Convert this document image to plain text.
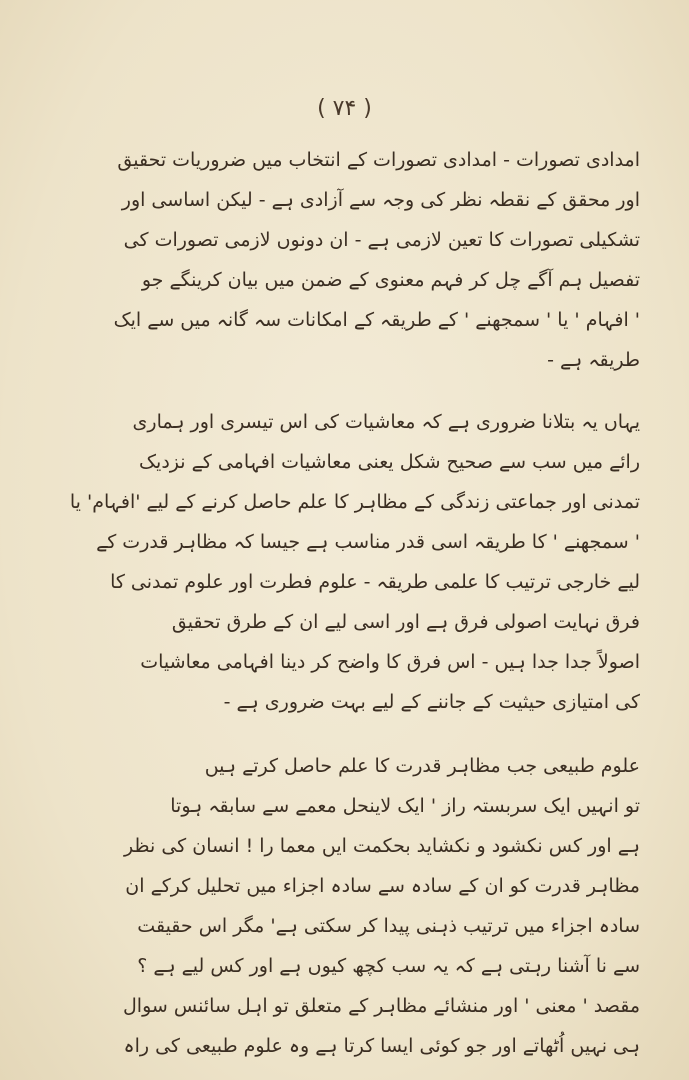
( ۷۴ )
امدادی تصورات - امدادی تصورات کے انتخاب میں ضروریات تحقیق
اور محقق کے نقطہ نظر کی وجہ سے آزادی ہے - لیکن اساسی اور
تشکیلی تصورات کا تعین لازمی ہے - ان دونوں لازمی تصورات کی
تفصیل ہم آگے چل کر فہم معنوی کے ضمن میں بیان کرینگے جو
' افہام ' یا ' سمجھنے ' کے طریقہ کے امکانات سہ گانہ میں سے ایک
طریقہ ہے -
یہاں یہ بتلانا ضروری ہے کہ معاشیات کی اس تیسری اور ہماری
رائے میں سب سے صحیح شکل یعنی معاشیات افہامی کے نزدیک
تمدنی اور جماعتی زندگی کے مظاہر کا علم حاصل کرنے کے لیے 'افہام' یا
' سمجھنے ' کا طریقہ اسی قدر مناسب ہے جیسا کہ مظاہر قدرت کے
لیے خارجی ترتیب کا علمی طریقہ - علوم فطرت اور علوم تمدنی کا
فرق نہایت اصولی فرق ہے اور اسی لیے ان کے طرق تحقیق
اصولاً جدا جدا ہیں - اس فرق کا واضح کر دینا افہامی معاشیات
کی امتیازی حیثیت کے جاننے کے لیے بہت ضروری ہے -
علوم طبیعی جب مظاہر قدرت کا علم حاصل کرتے ہیں
تو انہیں ایک سربستہ راز ' ایک لاینحل معمے سے سابقہ ہوتا
ہے اور کس نکشود و نکشاید بحکمت ایں معما را ! انسان کی نظر
مظاہر قدرت کو ان کے سادہ سے سادہ اجزاء میں تحلیل کرکے ان
سادہ اجزاء میں ترتیب ذہنی پیدا کر سکتی ہے' مگر اس حقیقت
سے نا آشنا رہتی ہے کہ یہ سب کچھ کیوں ہے اور کس لیے ہے ؟
مقصد ' معنی ' اور منشائے مظاہر کے متعلق تو اہل سائنس سوال
ہی نہیں اُٹھاتے اور جو کوئی ایسا کرتا ہے وہ علوم طبیعی کی راہ
